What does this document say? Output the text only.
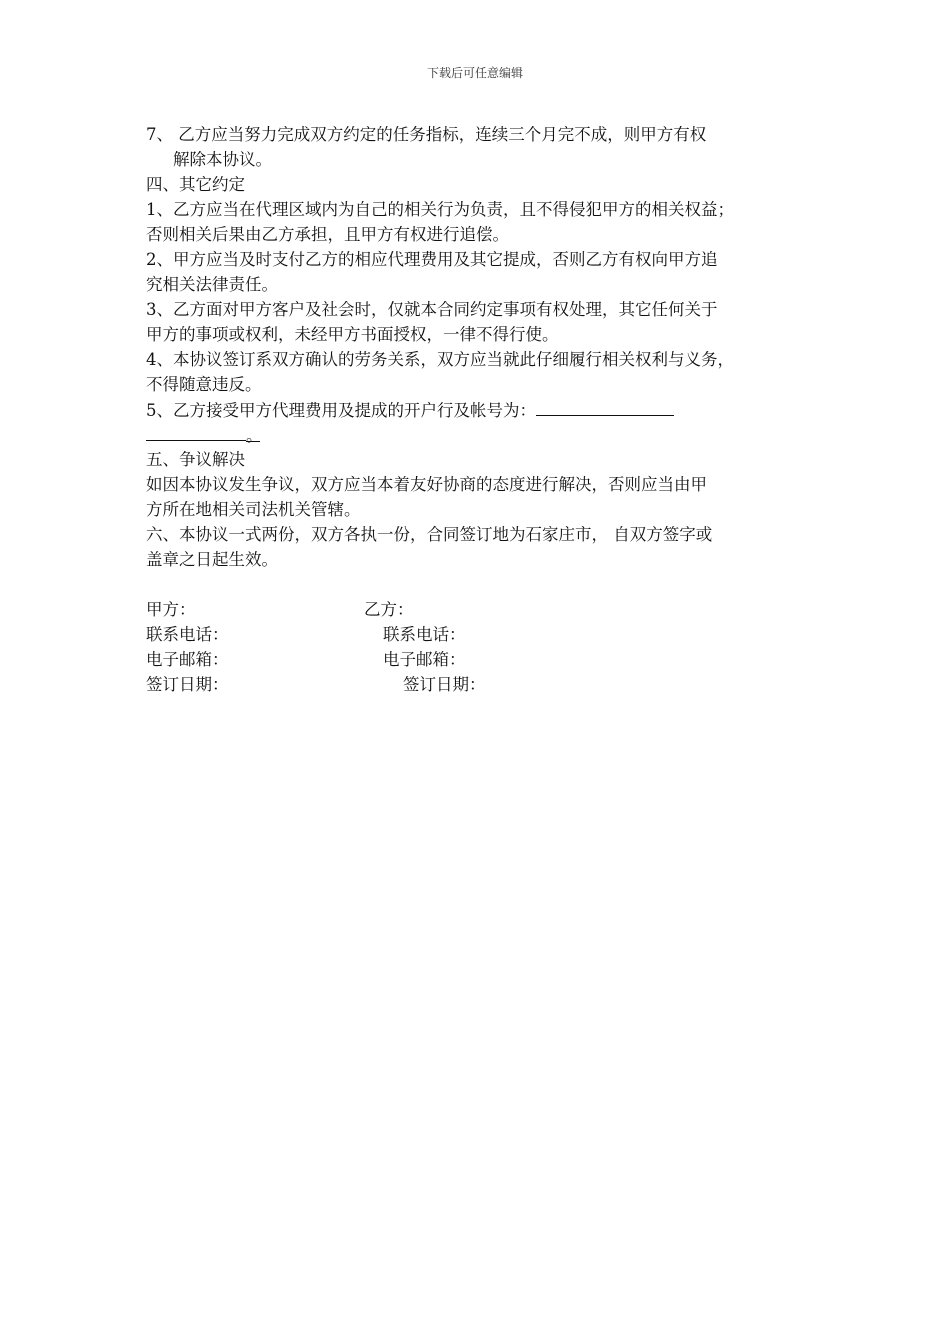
下载后可任意编辑
7、 乙方应当努力完成双方约定的任务指标，连续三个月完不成，则甲方有权
解除本协议。
四、其它约定
1、乙方应当在代理区域内为自己的相关行为负责，且不得侵犯甲方的相关权益；
否则相关后果由乙方承担，且甲方有权进行追偿。
2、甲方应当及时支付乙方的相应代理费用及其它提成，否则乙方有权向甲方追
究相关法律责任。
3、乙方面对甲方客户及社会时，仅就本合同约定事项有权处理，其它任何关于
甲方的事项或权利，未经甲方书面授权，一律不得行使。
4、本协议签订系双方确认的劳务关系，双方应当就此仔细履行相关权利与义务，
不得随意违反。
5、乙方接受甲方代理费用及提成的开户行及帐号为：
。
五、争议解决
如因本协议发生争议，双方应当本着友好协商的态度进行解决，否则应当由甲
方所在地相关司法机关管辖。
六、本协议一式两份，双方各执一份，合同签订地为石家庄市， 自双方签字或
盖章之日起生效。
甲方：	乙方：
联系电话：	联系电话：
电子邮箱：	电子邮箱：
签订日期：	签订日期：
